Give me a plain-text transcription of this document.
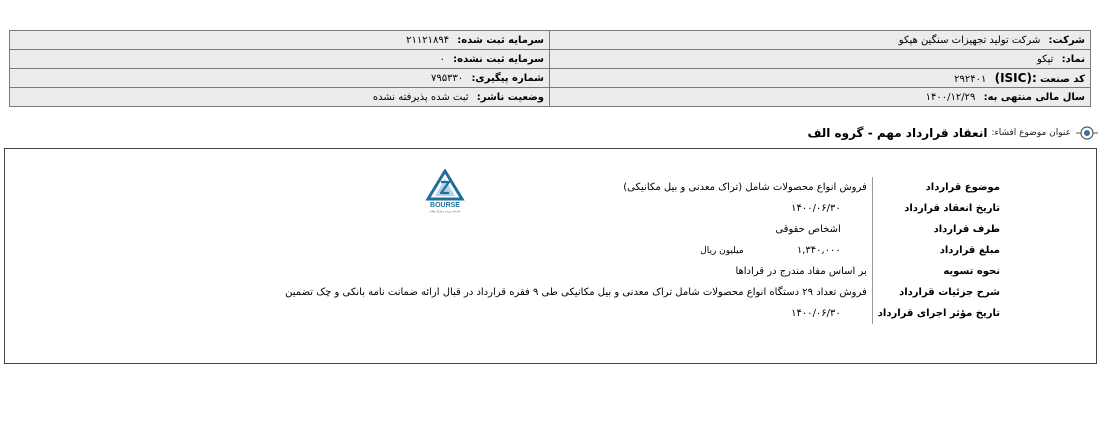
شرکت: شرکت تولید تجهیزات سنگین هپکو	سرمایه ثبت شده: ۲۱۱۲۱۸۹۴
نماد: تپکو	سرمایه ثبت نشده: ۰
کد صنعت (ISIC): ۲۹۲۴۰۱	شماره پیگیری: ۷۹۵۳۳۰
سال مالی منتهی به: ۱۴۰۰/۱۲/۲۹	وضعیت ناشر: ثبت شده پذیرفته نشده
عنوان موضوع افشاء:
انعقاد قرارداد مهم - گروه الف
BOURSE
سازمان بورس و اوراق بهادار
موضوع قرارداد	فروش انواع محصولات شامل (تراک معدنی و بیل مکانیکی)
تاریخ انعقاد قرارداد	۱۴۰۰/۰۶/۳۰
طرف قرارداد	اشخاص حقوقی
مبلغ قرارداد	۱,۳۴۰,۰۰۰ میلیون ریال
نحوه تسویه	بر اساس مفاد مندرج در قراداها
شرح جزئیات قرارداد	فروش تعداد ۲۹ دستگاه انواع محصولات شامل تراک معدنی و بیل مکانیکی طی ۹ فقره قرارداد در قبال ارائه ضمانت نامه بانکی و چک تضمین
تاریخ مؤثر اجرای قرارداد	۱۴۰۰/۰۶/۳۰
